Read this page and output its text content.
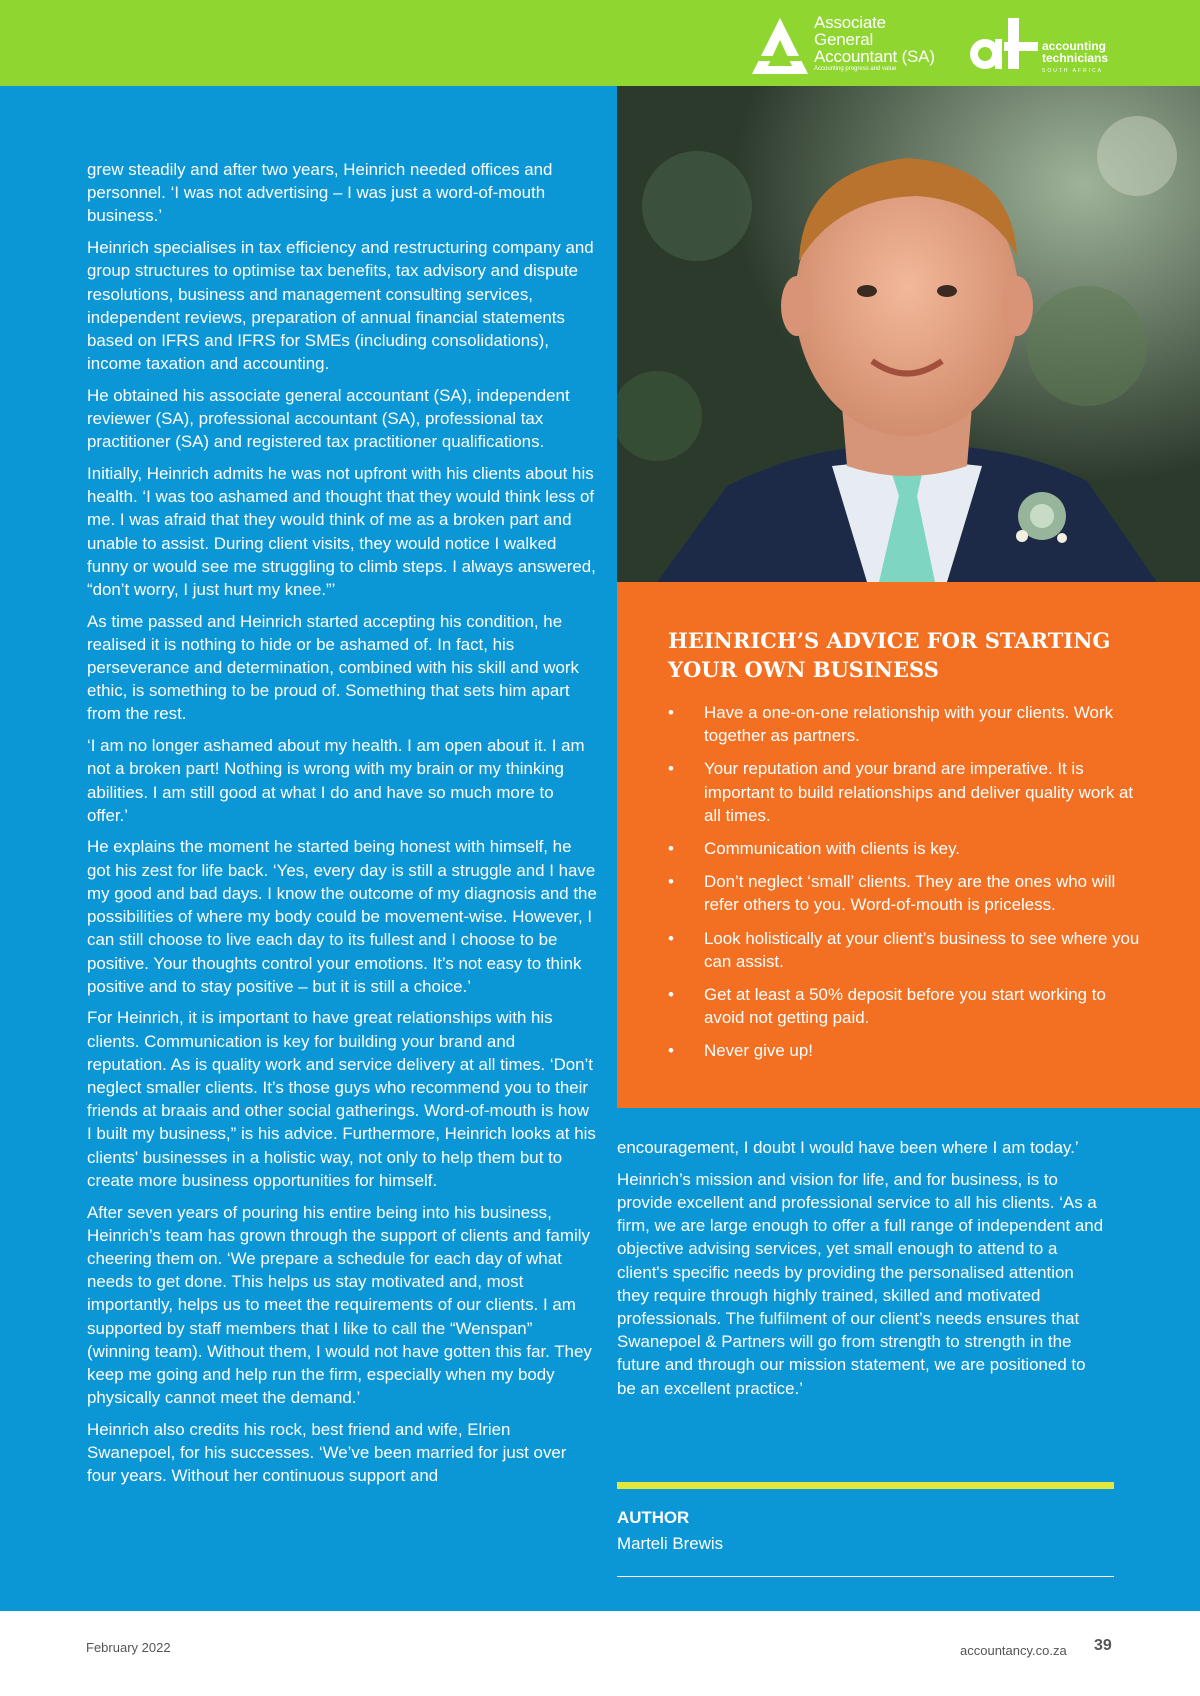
Associate
General
Accountant (SA)
Accounting progress and value
accounting
technicians
SOUTH AFRICA

grew steadily and after two years, Heinrich needed offices and personnel. ‘I was not advertising – I was just a word-of-mouth business.’

Heinrich specialises in tax efficiency and restructuring company and group structures to optimise tax benefits, tax advisory and dispute resolutions, business and management consulting services, independent reviews, preparation of annual financial statements based on IFRS and IFRS for SMEs (including consolidations), income taxation and accounting.

He obtained his associate general accountant (SA), independent reviewer (SA), professional accountant (SA), professional tax practitioner (SA) and registered tax practitioner qualifications.

Initially, Heinrich admits he was not upfront with his clients about his health. ‘I was too ashamed and thought that they would think less of me. I was afraid that they would think of me as a broken part and unable to assist. During client visits, they would notice I walked funny or would see me struggling to climb steps. I always answered, “don’t worry, I just hurt my knee.”’

As time passed and Heinrich started accepting his condition, he realised it is nothing to hide or be ashamed of. In fact, his perseverance and determination, combined with his skill and work ethic, is something to be proud of. Something that sets him apart from the rest.

‘I am no longer ashamed about my health. I am open about it. I am not a broken part! Nothing is wrong with my brain or my thinking abilities. I am still good at what I do and have so much more to offer.’

He explains the moment he started being honest with himself, he got his zest for life back. ‘Yes, every day is still a struggle and I have my good and bad days. I know the outcome of my diagnosis and the possibilities of where my body could be movement-wise. However, I can still choose to live each day to its fullest and I choose to be positive. Your thoughts control your emotions. It’s not easy to think positive and to stay positive – but it is still a choice.’

For Heinrich, it is important to have great relationships with his clients. Communication is key for building your brand and reputation. As is quality work and service delivery at all times. ‘Don’t neglect smaller clients. It’s those guys who recommend you to their friends at braais and other social gatherings. Word-of-mouth is how I built my business,” is his advice. Furthermore, Heinrich looks at his clients' businesses in a holistic way, not only to help them but to create more business opportunities for himself.

After seven years of pouring his entire being into his business, Heinrich’s team has grown through the support of clients and family cheering them on. ‘We prepare a schedule for each day of what needs to get done. This helps us stay motivated and, most importantly, helps us to meet the requirements of our clients. I am supported by staff members that I like to call the “Wenspan” (winning team). Without them, I would not have gotten this far. They keep me going and help run the firm, especially when my body physically cannot meet the demand.’

Heinrich also credits his rock, best friend and wife, Elrien Swanepoel, for his successes. ‘We’ve been married for just over four years. Without her continuous support and

HEINRICH’S ADVICE FOR STARTING YOUR OWN BUSINESS
• Have a one-on-one relationship with your clients. Work together as partners.
• Your reputation and your brand are imperative. It is important to build relationships and deliver quality work at all times.
• Communication with clients is key.
• Don’t neglect ‘small’ clients. They are the ones who will refer others to you. Word-of-mouth is priceless.
• Look holistically at your client’s business to see where you can assist.
• Get at least a 50% deposit before you start working to avoid not getting paid.
• Never give up!

encouragement, I doubt I would have been where I am today.’

Heinrich’s mission and vision for life, and for business, is to provide excellent and professional service to all his clients. ‘As a firm, we are large enough to offer a full range of independent and objective advising services, yet small enough to attend to a client's specific needs by providing the personalised attention they require through highly trained, skilled and motivated professionals. The fulfilment of our client’s needs ensures that Swanepoel & Partners will go from strength to strength in the future and through our mission statement, we are positioned to be an excellent practice.’

AUTHOR
Marteli Brewis
February 2022	accountancy.co.za 39
